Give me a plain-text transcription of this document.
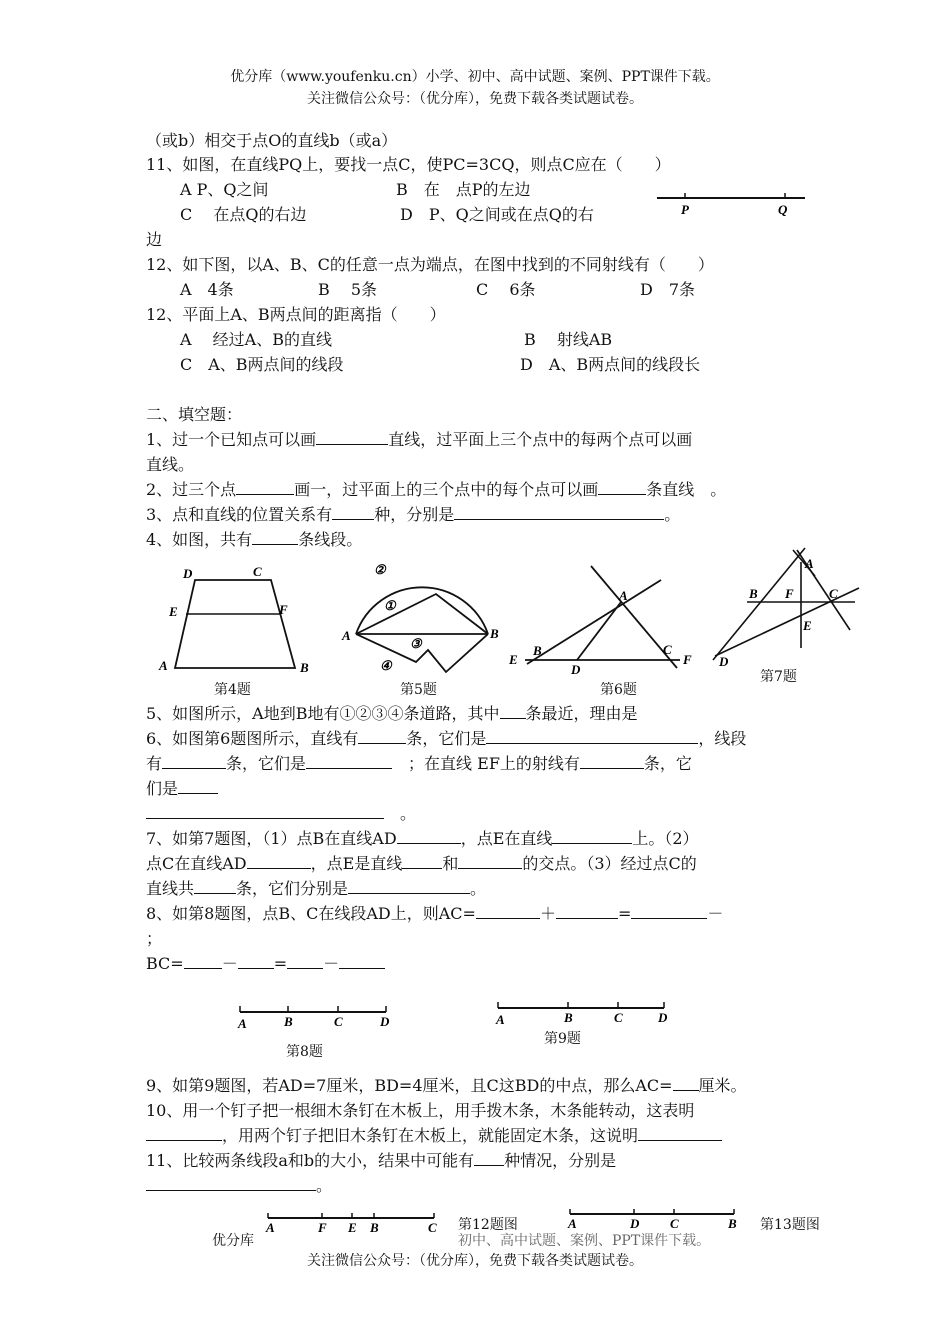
优分库（www.youfenku.cn）小学、初中、高中试题、案例、PPT课件下载。
关注微信公众号：（优分库），免费下载各类试题试卷。
（或b）相交于点O的直线b（或a）
11、如图，在直线PQ上，要找一点C，使PC=3CQ，则点C应在（　　）
A P、Q之间	B　在　点P的左边
C　 在点Q的右边	D　P、Q之间或在点Q的右
边
P	Q
12、如下图，以A、B、C的任意一点为端点，在图中找到的不同射线有（　　）
A　4条	B　 5条	C　 6条	D　7条
12、平面上A、B两点间的距离指（　　）
A　 经过A、B的直线	B　 射线AB
C　A、B两点间的线段	D　A、B两点间的线段长
二、填空题：
1、过一个已知点可以画	直线，过平面上三个点中的每两个点可以画
直线。
2、过三个点	画一，过平面上的三个点中的每个点可以画	条直线　。
3、点和直线的位置关系有	种，分别是	。
4、如图，共有	条线段。
D	C
E	F
A	B
第4题
①
②
③
④
A	B
第5题
A
B	C
D
E	F
第6题
A
B	C
D
E
F
第7题
5、如图所示，A地到B地有①②③④条道路，其中 条最近，理由是
6、如图第6题图所示，直线有	条，它们是	，线段
有	条，它们是　	；在直线 EF上的射线有	条，它
们是
　。
7、如第7题图，（1）点B在直线AD	，点E在直线	上。（2）
点C在直线AD	，点E是直线	和	的交点。（3）经过点C的
直线共	条，它们分别是	。
8、如第8题图，点B、C在线段AD上，则AC=	＋	=	－
；
BC= － = －
A	B	C	D
第8题
A	B	C	D
第9题
9、如第9题图，若AD=7厘米，BD=4厘米，且C这BD的中点，那么AC= 厘米。
10、用一个钉子把一根细木条钉在木板上，用手拨木条，木条能转动，这表明
，用两个钉子把旧木条钉在木板上，就能固定木条，这说明
11、比较两条线段a和b的大小，结果中可能有 种情况，分别是
。
A	F E B	C 第12题图	A	D C	B 第13题图
优分库	初中、高中试题、案例、PPT课件下载。
关注微信公众号：（优分库），免费下载各类试题试卷。
